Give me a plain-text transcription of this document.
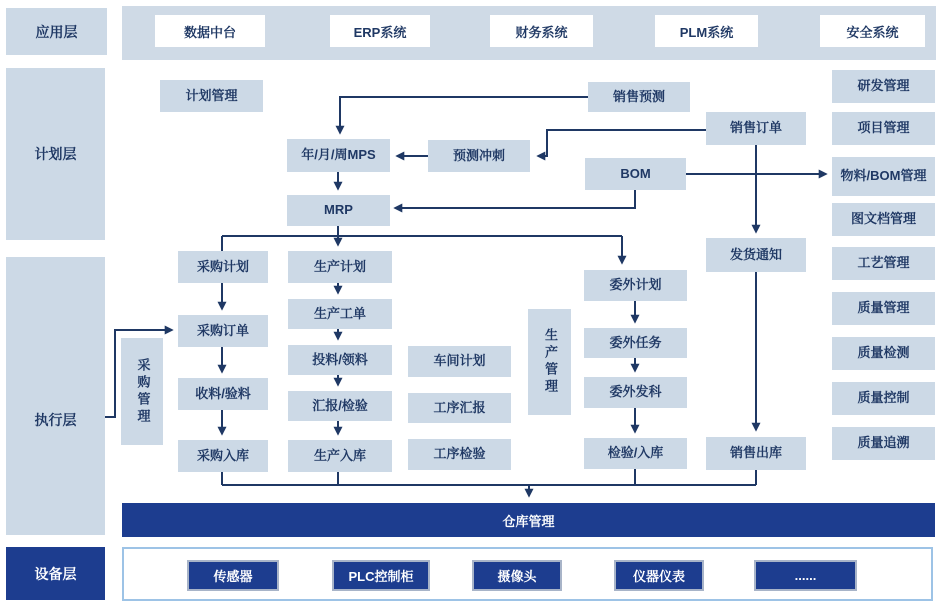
应用层
计划层
执行层
设备层
数据中台	ERP系统	财务系统	PLM系统	安全系统
仓库管理
传感器	PLC控制柜	摄像头	仪器仪表	......
计划管理	销售预测
销售订单
年/月/周MPS	预测冲刺
BOM
MRP
发货通知
采购计划
采购订单
收料/验料
采购入库
生产计划
生产工单
投料/领料
汇报/检验
生产入库
车间计划
工序汇报
工序检验
委外计划
委外任务
委外发科
检验/入库	销售出库
采购管理	生产管理
研发管理
项目管理
物料/BOM管理
图文档管理
工艺管理
质量管理
质量检测
质量控制
质量追溯
